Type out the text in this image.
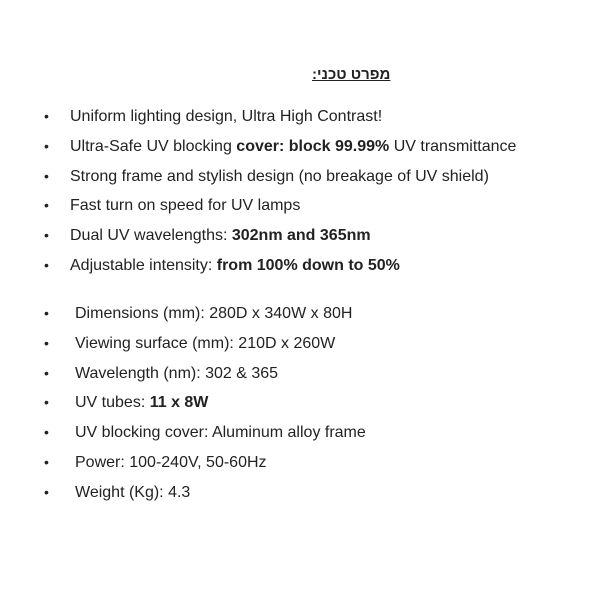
מפרט טכני:
• Uniform lighting design, Ultra High Contrast!
• Ultra-Safe UV blocking cover: block 99.99% UV transmittance
• Strong frame and stylish design (no breakage of UV shield)
• Fast turn on speed for UV lamps
• Dual UV wavelengths: 302nm and 365nm
• Adjustable intensity: from 100% down to 50%
• Dimensions (mm): 280D x 340W x 80H
• Viewing surface (mm): 210D x 260W
• Wavelength (nm): 302 & 365
• UV tubes: 11 x 8W
• UV blocking cover: Aluminum alloy frame
• Power: 100-240V, 50-60Hz
• Weight (Kg): 4.3
